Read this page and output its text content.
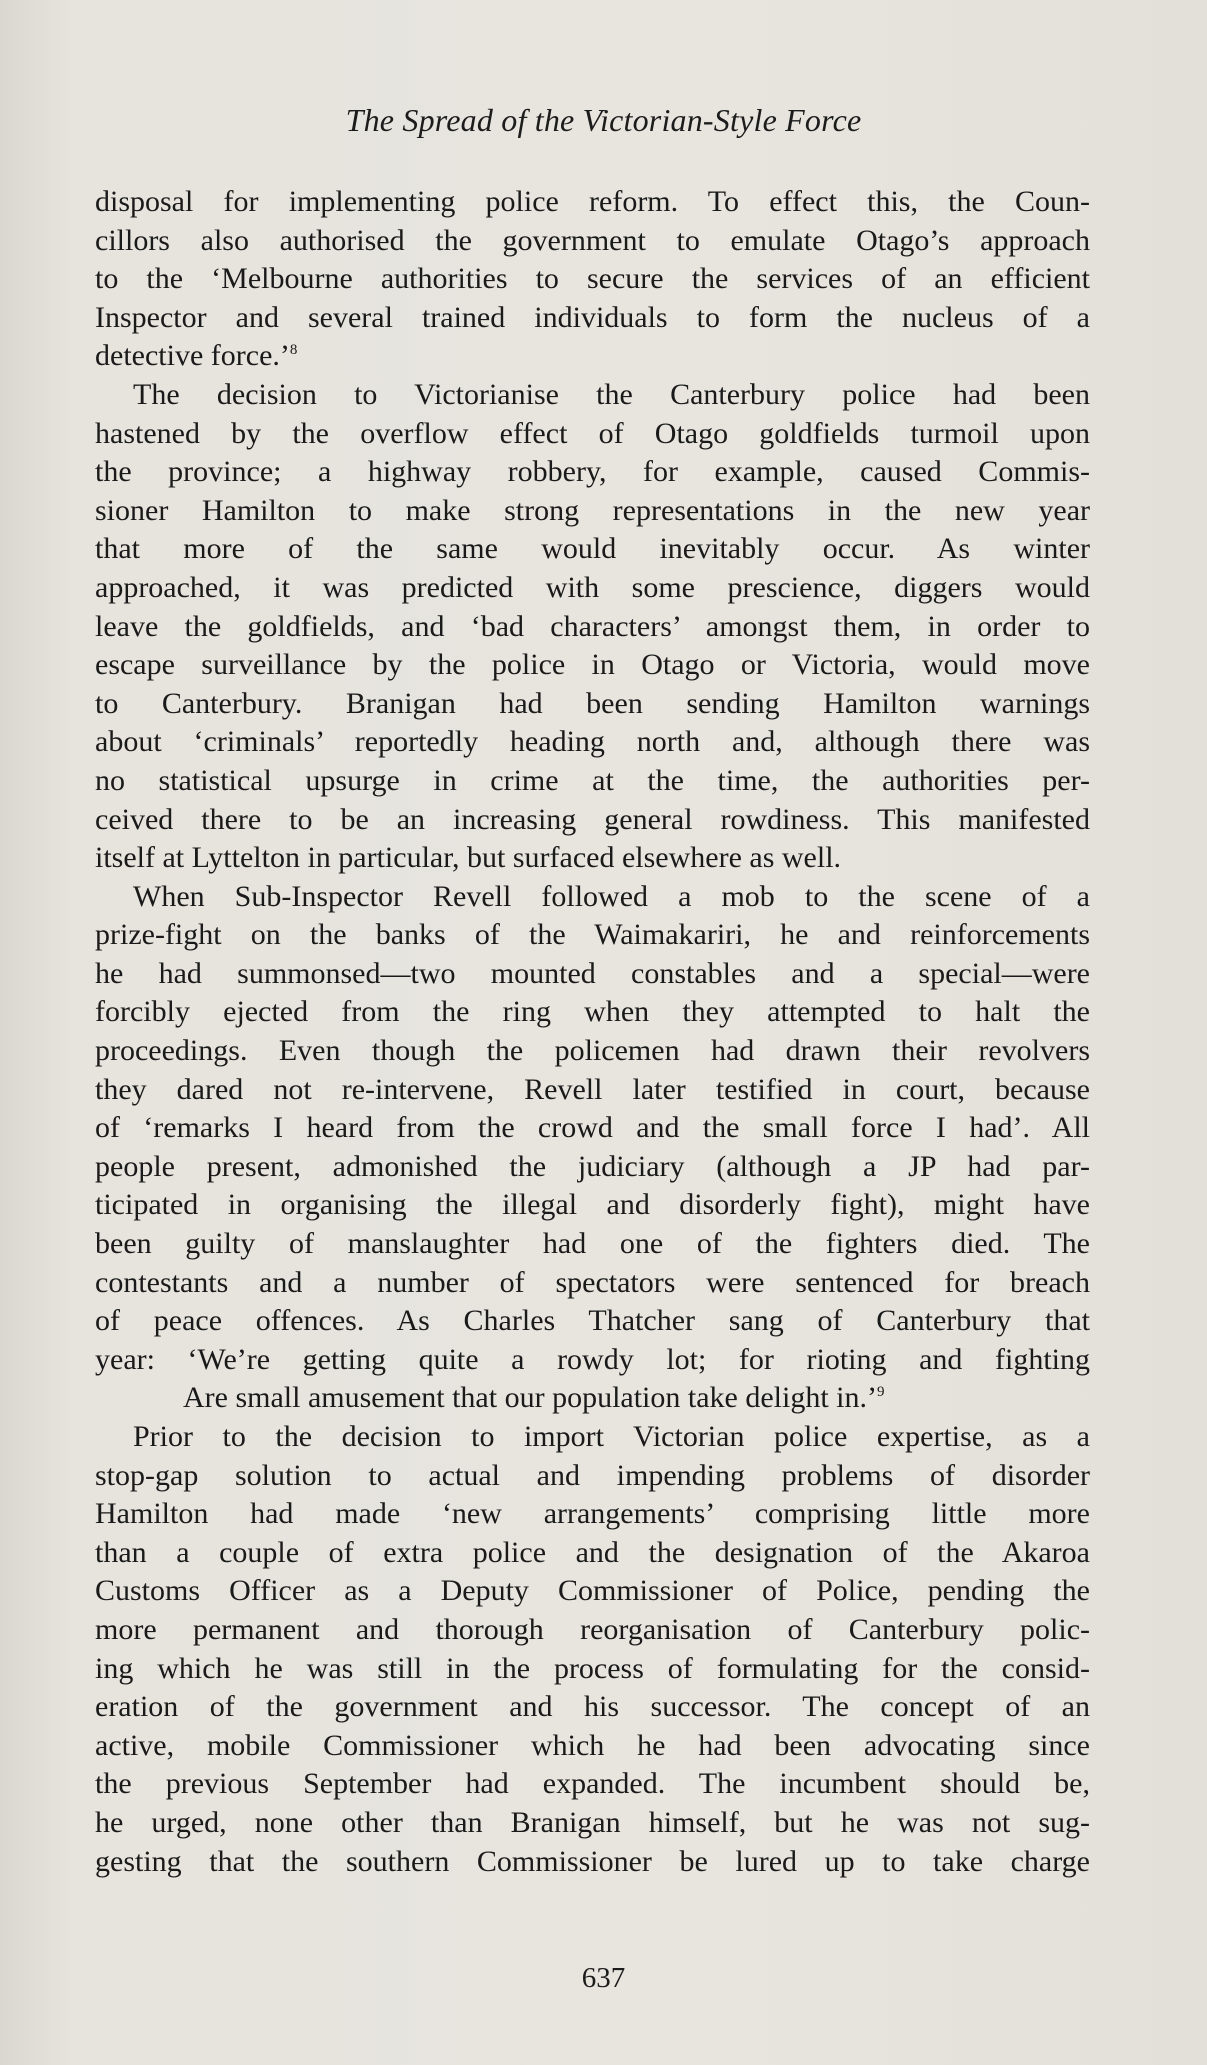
The Spread of the Victorian-Style Force
disposal for implementing police reform. To effect this, the Coun-
cillors also authorised the government to emulate Otago’s approach
to the ‘Melbourne authorities to secure the services of an efficient
Inspector and several trained individuals to form the nucleus of a
detective force.’$^8$
The decision to Victorianise the Canterbury police had been
hastened by the overflow effect of Otago goldfields turmoil upon
the province; a highway robbery, for example, caused Commis-
sioner Hamilton to make strong representations in the new year
that more of the same would inevitably occur. As winter
approached, it was predicted with some prescience, diggers would
leave the goldfields, and ‘bad characters’ amongst them, in order to
escape surveillance by the police in Otago or Victoria, would move
to Canterbury. Branigan had been sending Hamilton warnings
about ‘criminals’ reportedly heading north and, although there was
no statistical upsurge in crime at the time, the authorities per-
ceived there to be an increasing general rowdiness. This manifested
itself at Lyttelton in particular, but surfaced elsewhere as well.
When Sub-Inspector Revell followed a mob to the scene of a
prize-fight on the banks of the Waimakariri, he and reinforcements
he had summonsed—two mounted constables and a special—were
forcibly ejected from the ring when they attempted to halt the
proceedings. Even though the policemen had drawn their revolvers
they dared not re-intervene, Revell later testified in court, because
of ‘remarks I heard from the crowd and the small force I had’. All
people present, admonished the judiciary (although a JP had par-
ticipated in organising the illegal and disorderly fight), might have
been guilty of manslaughter had one of the fighters died. The
contestants and a number of spectators were sentenced for breach
of peace offences. As Charles Thatcher sang of Canterbury that
year: ‘We’re getting quite a rowdy lot; for rioting and fighting
Are small amusement that our population take delight in.’$^9$
Prior to the decision to import Victorian police expertise, as a
stop-gap solution to actual and impending problems of disorder
Hamilton had made ‘new arrangements’ comprising little more
than a couple of extra police and the designation of the Akaroa
Customs Officer as a Deputy Commissioner of Police, pending the
more permanent and thorough reorganisation of Canterbury polic-
ing which he was still in the process of formulating for the consid-
eration of the government and his successor. The concept of an
active, mobile Commissioner which he had been advocating since
the previous September had expanded. The incumbent should be,
he urged, none other than Branigan himself, but he was not sug-
gesting that the southern Commissioner be lured up to take charge
637
